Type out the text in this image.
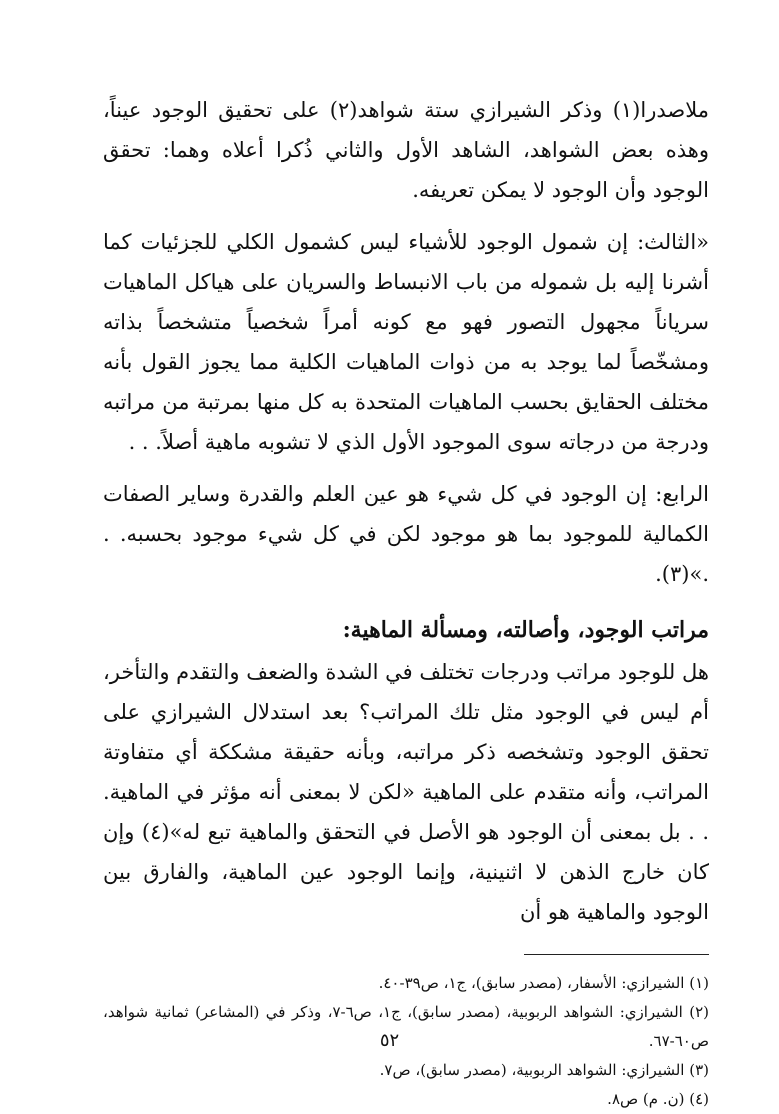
ملاصدرا(١) وذكر الشيرازي ستة شواهد(٢) على تحقيق الوجود عيناً، وهذه بعض الشواهد، الشاهد الأول والثاني ذُكرا أعلاه وهما: تحقق الوجود وأن الوجود لا يمكن تعريفه.

«الثالث: إن شمول الوجود للأشياء ليس كشمول الكلي للجزئيات كما أشرنا إليه بل شموله من باب الانبساط والسريان على هياكل الماهيات سرياناً مجهول التصور فهو مع كونه أمراً شخصياً متشخصاً بذاته ومشخّصاً لما يوجد به من ذوات الماهيات الكلية مما يجوز القول بأنه مختلف الحقايق بحسب الماهيات المتحدة به كل منها بمرتبة من مراتبه ودرجة من درجاته سوى الموجود الأول الذي لا تشوبه ماهية أصلاً. . .

الرابع: إن الوجود في كل شيء هو عين العلم والقدرة وساير الصفات الكمالية للموجود بما هو موجود لكن في كل شيء موجود بحسبه. . .»(٣).

مراتب الوجود، وأصالته، ومسألة الماهية:

هل للوجود مراتب ودرجات تختلف في الشدة والضعف والتقدم والتأخر، أم ليس في الوجود مثل تلك المراتب؟ بعد استدلال الشيرازي على تحقق الوجود وتشخصه ذكر مراتبه، وبأنه حقيقة مشككة أي متفاوتة المراتب، وأنه متقدم على الماهية «لكن لا بمعنى أنه مؤثر في الماهية. . . بل بمعنى أن الوجود هو الأصل في التحقق والماهية تبع له»(٤) وإن كان خارج الذهن لا اثنينية، وإنما الوجود عين الماهية، والفارق بين الوجود والماهية هو أن

(١) الشيرازي: الأسفار، (مصدر سابق)، ج١، ص٣٩-٤٠.

(٢) الشيرازي: الشواهد الربوبية، (مصدر سابق)، ج١، ص٦-٧، وذكر في (المشاعر) ثمانية شواهد، ص٦٠-٦٧.

(٣) الشيرازي: الشواهد الربوبية، (مصدر سابق)، ص٧.

(٤) (ن. م) ص٨.

٥٢
